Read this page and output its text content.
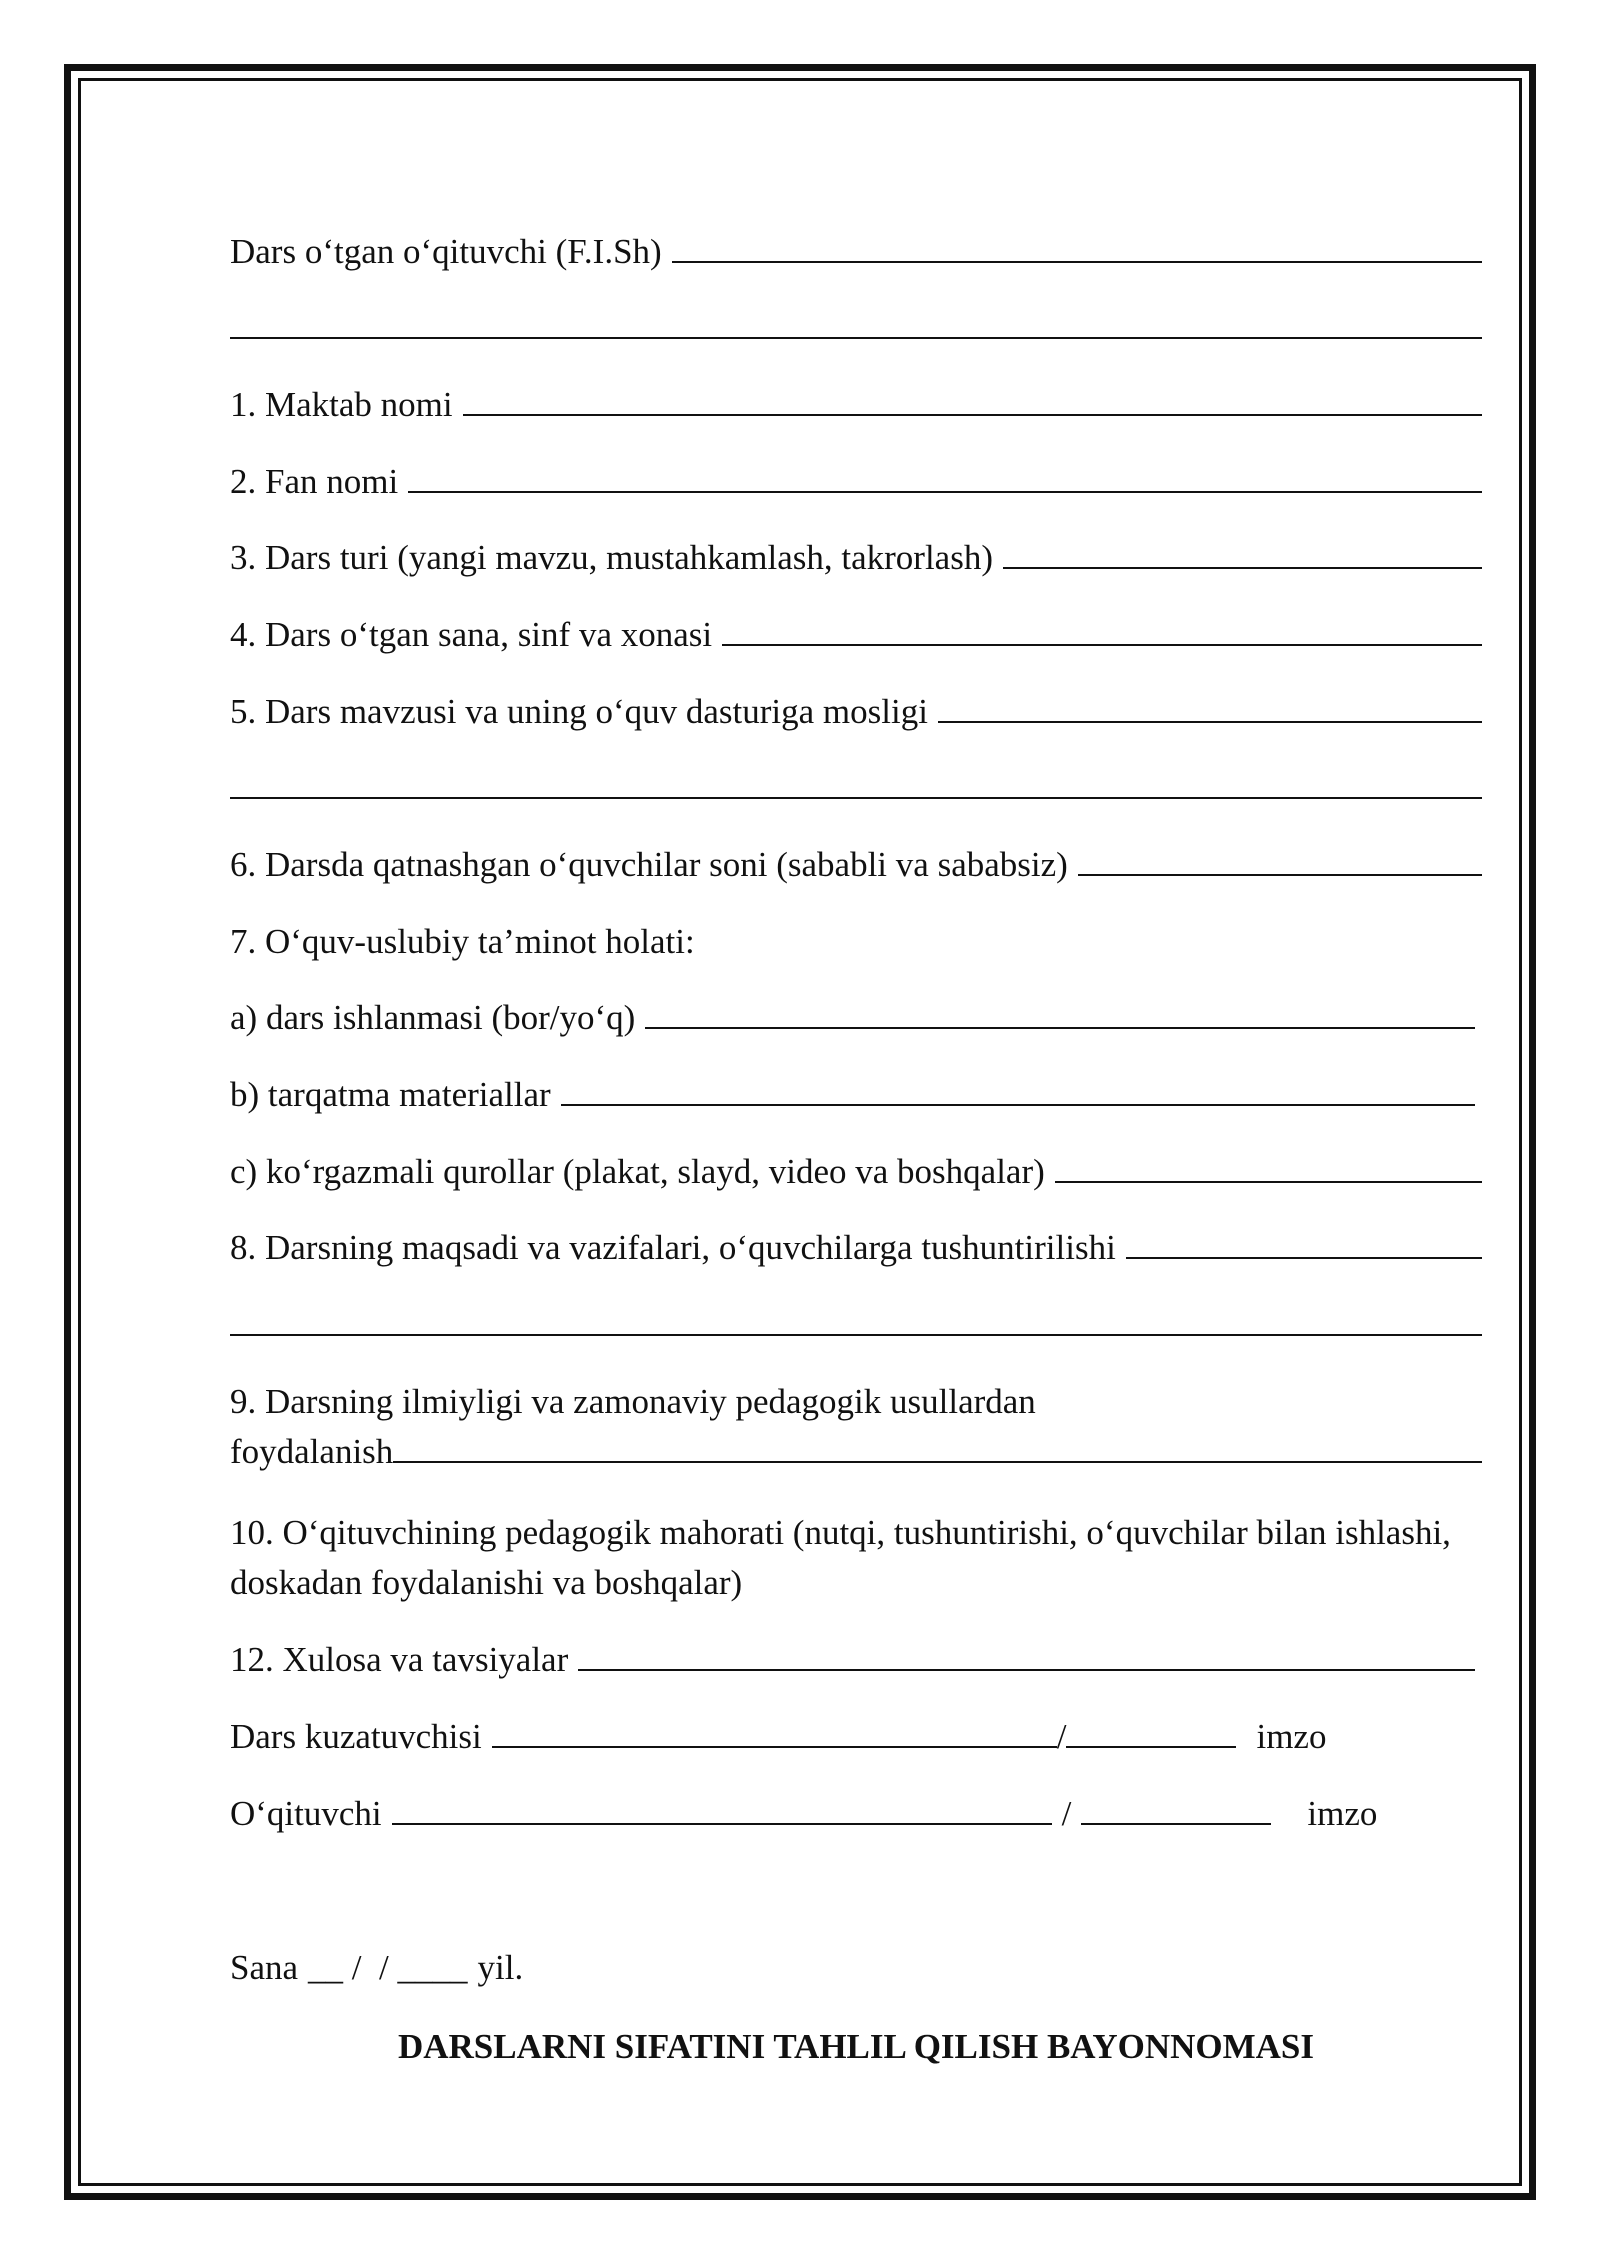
Dars o‘tgan o‘qituvchi (F.I.Sh)
1. Maktab nomi
2. Fan nomi
3. Dars turi (yangi mavzu, mustahkamlash, takrorlash)
4. Dars o‘tgan sana, sinf va xonasi
5. Dars mavzusi va uning o‘quv dasturiga mosligi
6. Darsda qatnashgan o‘quvchilar soni (sababli va sababsiz)
7. O‘quv-uslubiy ta’minot holati:
a) dars ishlanmasi (bor/yo‘q)
b) tarqatma materiallar
c) ko‘rgazmali qurollar (plakat, slayd, video va boshqalar)
8. Darsning maqsadi va vazifalari, o‘quvchilarga tushuntirilishi
9. Darsning ilmiyligi va zamonaviy pedagogik usullardan
foydalanish
10. O‘qituvchining pedagogik mahorati (nutqi, tushuntirishi, o‘quvchilar bilan ishlashi, doskadan foydalanishi va boshqalar)
12. Xulosa va tavsiyalar
Dars kuzatuvchisi	/	imzo
O‘qituvchi	/	imzo
Sana __ /  / ____ yil.
DARSLARNI SIFATINI TAHLIL QILISH BAYONNOMASI
